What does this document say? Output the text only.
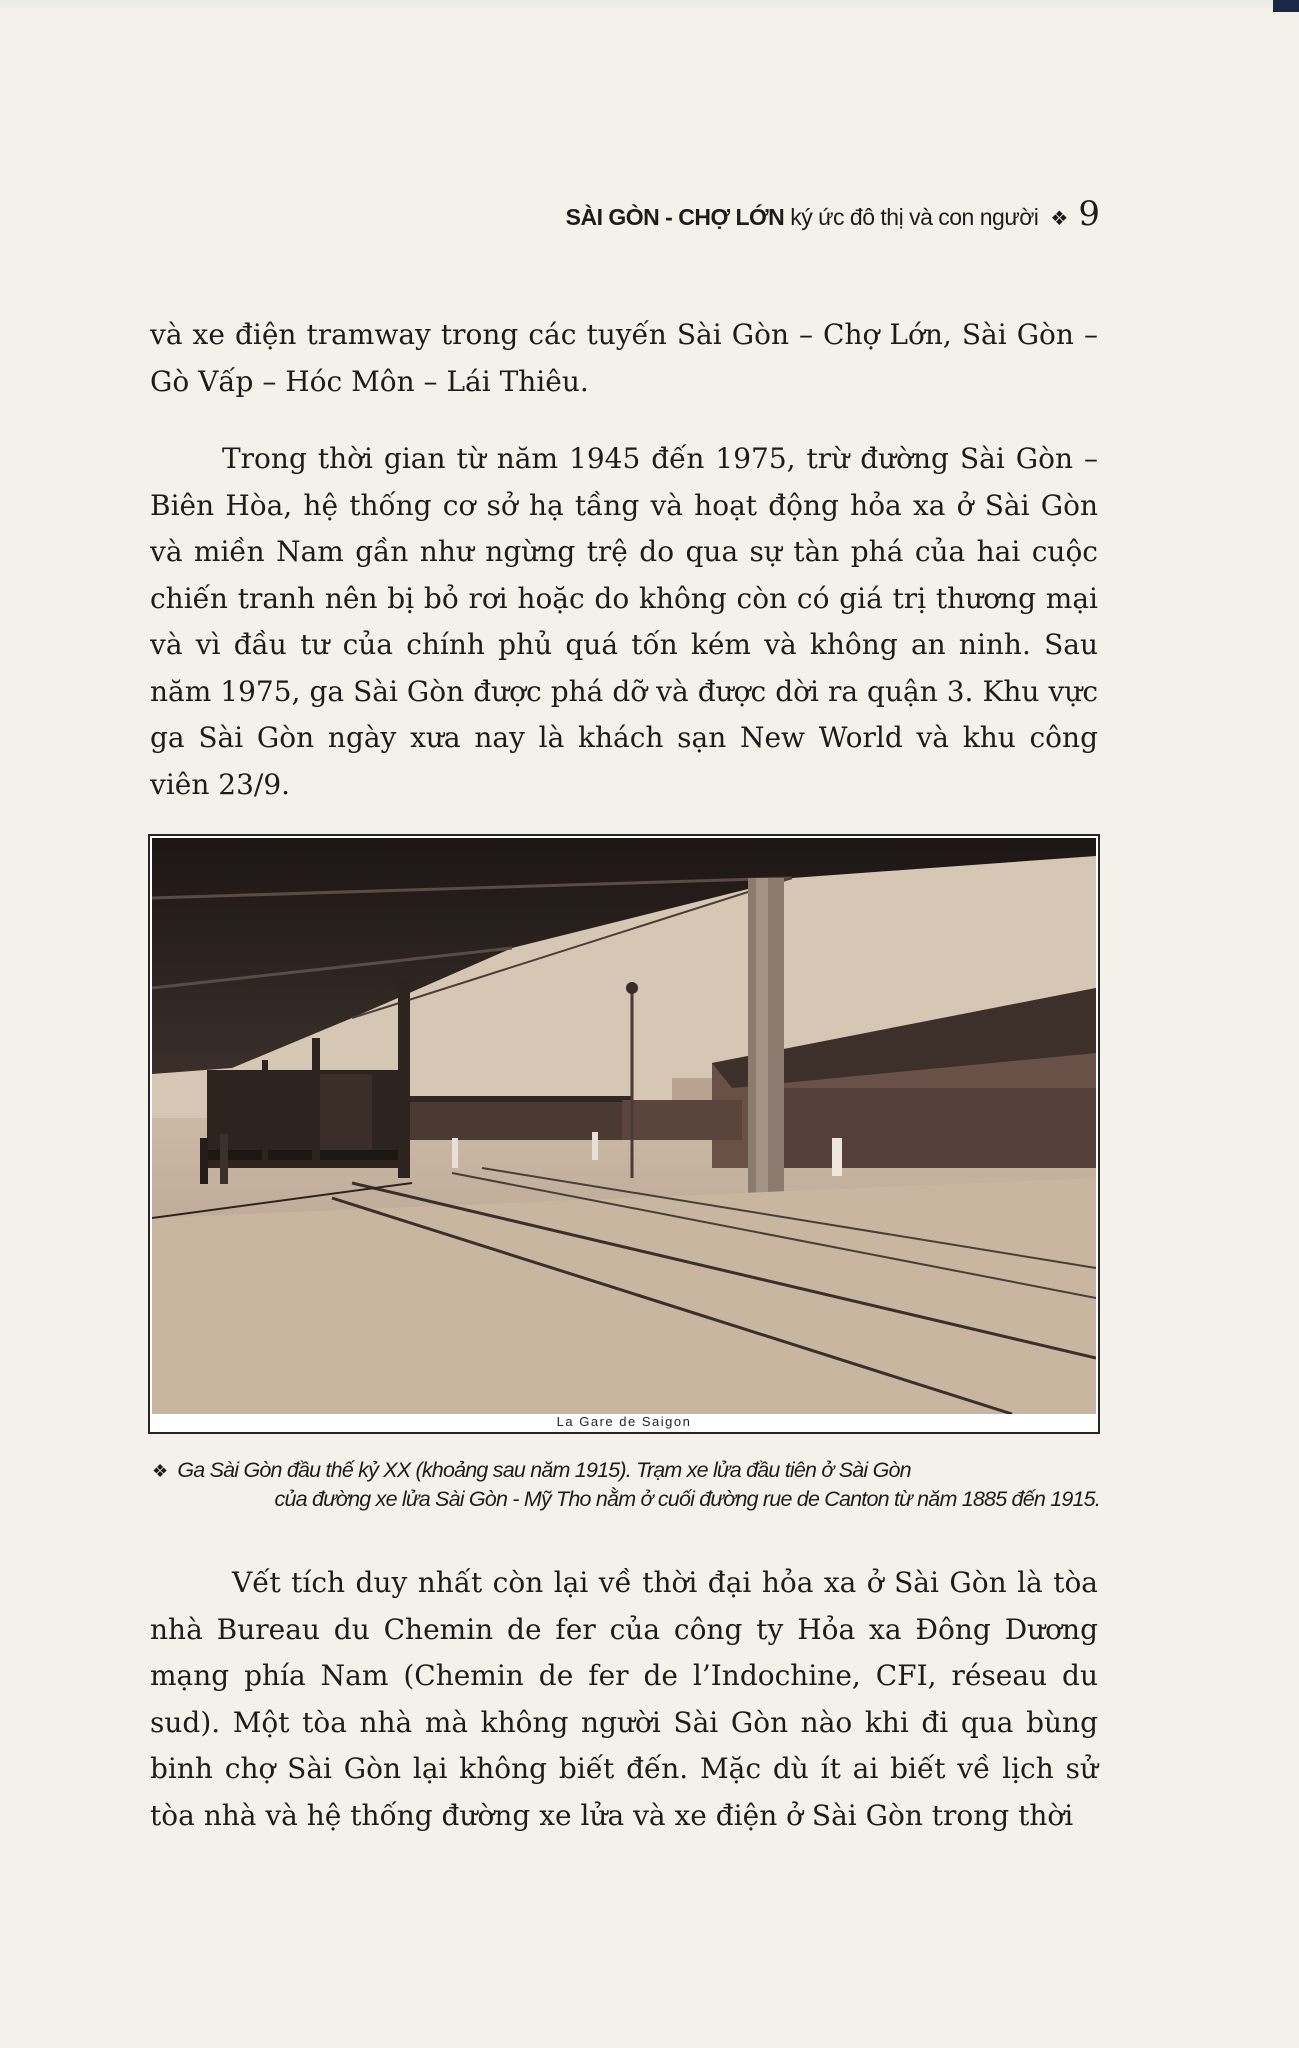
SÀI GÒN - CHỢ LỚN ký ức đô thị và con người ❖ 9

và xe điện tramway trong các tuyến Sài Gòn – Chợ Lớn, Sài Gòn – Gò Vấp – Hóc Môn – Lái Thiêu.

Trong thời gian từ năm 1945 đến 1975, trừ đường Sài Gòn – Biên Hòa, hệ thống cơ sở hạ tầng và hoạt động hỏa xa ở Sài Gòn và miền Nam gần như ngừng trệ do qua sự tàn phá của hai cuộc chiến tranh nên bị bỏ rơi hoặc do không còn có giá trị thương mại và vì đầu tư của chính phủ quá tốn kém và không an ninh. Sau năm 1975, ga Sài Gòn được phá dỡ và được dời ra quận 3. Khu vực ga Sài Gòn ngày xưa nay là khách sạn New World và khu công viên 23/9.

La Gare de Saigon
❖ Ga Sài Gòn đầu thế kỷ XX (khoảng sau năm 1915). Trạm xe lửa đầu tiên ở Sài Gòn
của đường xe lửa Sài Gòn - Mỹ Tho nằm ở cuối đường rue de Canton từ năm 1885 đến 1915.

Vết tích duy nhất còn lại về thời đại hỏa xa ở Sài Gòn là tòa nhà Bureau du Chemin de fer của công ty Hỏa xa Đông Dương mạng phía Nam (Chemin de fer de l’Indochine, CFI, réseau du sud). Một tòa nhà mà không người Sài Gòn nào khi đi qua bùng binh chợ Sài Gòn lại không biết đến. Mặc dù ít ai biết về lịch sử tòa nhà và hệ thống đường xe lửa và xe điện ở Sài Gòn trong thời
